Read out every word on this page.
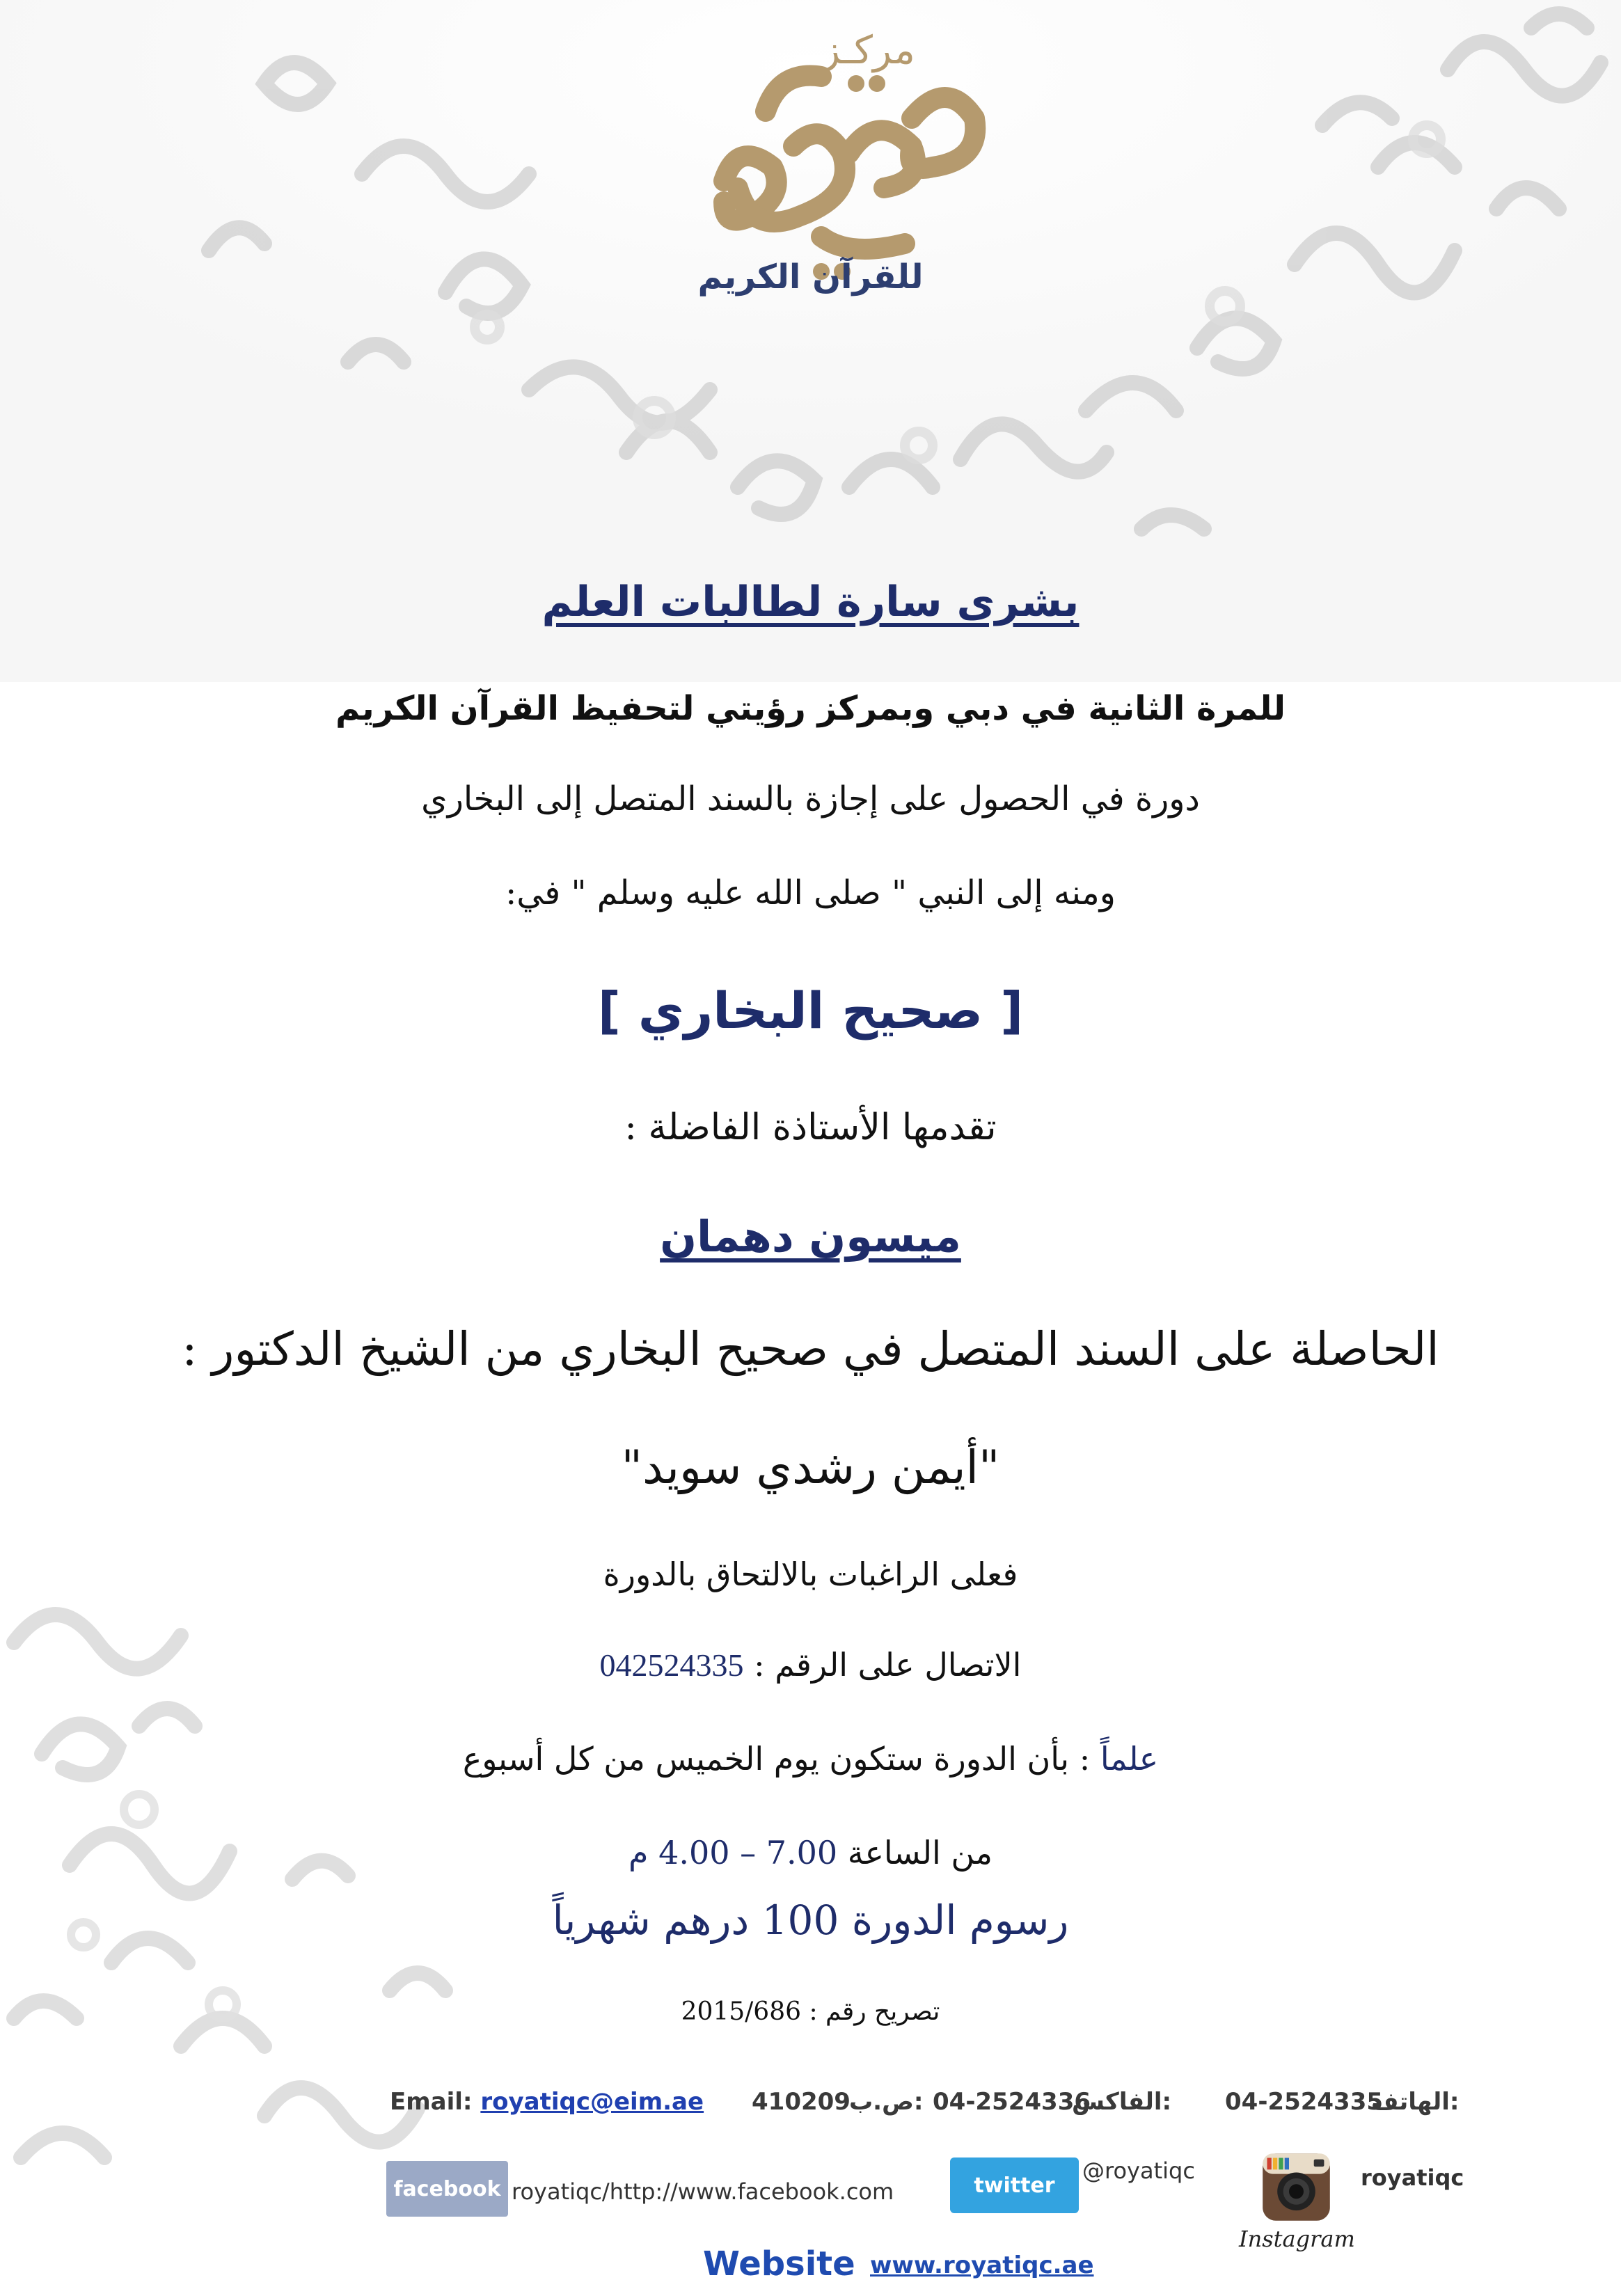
مركـز
للقرآن الكريم
بشرى سارة لطالبات العلم
للمرة الثانية في دبي وبمركز رؤيتي لتحفيظ القرآن الكريم
دورة في الحصول على إجازة بالسند المتصل إلى البخاري
ومنه إلى النبي " صلى الله عليه وسلم " في:
[ صحيح البخاري ]
تقدمها الأستاذة الفاضلة :
ميسون دهمان
الحاصلة على السند المتصل في صحيح البخاري من الشيخ الدكتور :
"أيمن رشدي سويد"
فعلى الراغبات بالالتحاق بالدورة
الاتصال على الرقم : 042524335
علماً : بأن الدورة ستكون يوم الخميس من كل أسبوع
من الساعة 4.00 – 7.00 م
رسوم الدورة 100 درهم شهرياً
تصريح رقم : 2015/686
Email: royatiqc@eim.ae 410209
ص.ب: 04-2524336
الفاكس: 04-2524335
الهاتف:
facebook royatiqc/http://www.facebook.com	twitter
@royatiqc
Instagram
royatiqc
Website www.royatiqc.ae
